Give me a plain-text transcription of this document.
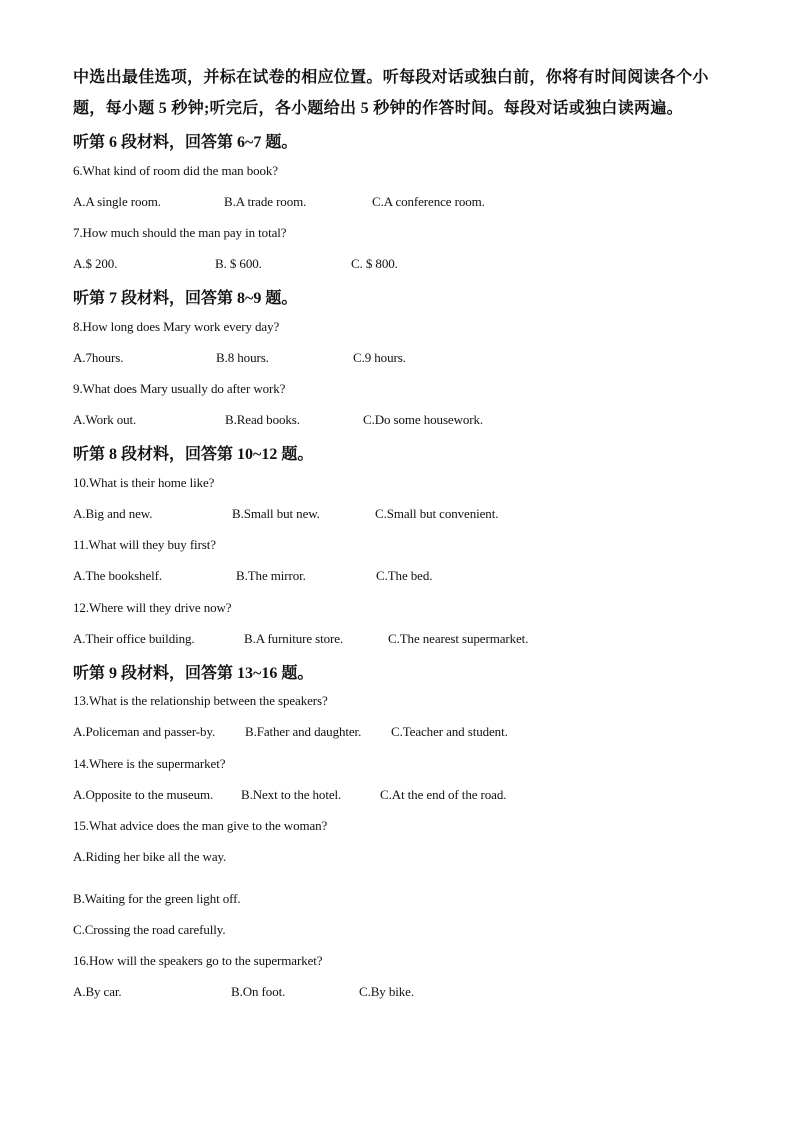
中选出最佳选项，并标在试卷的相应位置。听每段对话或独白前，你将有时间阅读各个小
题，每小题 5 秒钟;听完后，各小题给出 5 秒钟的作答时间。每段对话或独白读两遍。
听第 6 段材料，回答第 6~7 题。
6.What kind of room did the man book?
A.A single room.	B.A trade room.	C.A conference room.
7.How much should the man pay in total?
A.$ 200.	B. $ 600.	C. $ 800.
听第 7 段材料，回答第 8~9 题。
8.How long does Mary work every day?
A.7hours.	B.8 hours.	C.9 hours.
9.What does Mary usually do after work?
A.Work out.	B.Read books.	C.Do some housework.
听第 8 段材料，回答第 10~12 题。
10.What is their home like?
A.Big and new.	B.Small but new.	C.Small but convenient.
11.What will they buy first?
A.The bookshelf.	B.The mirror.	C.The bed.
12.Where will they drive now?
A.Their office building.	B.A furniture store.	C.The nearest supermarket.
听第 9 段材料，回答第 13~16 题。
13.What is the relationship between the speakers?
A.Policeman and passer-by. B.Father and daughter. C.Teacher and student.
14.Where is the supermarket?
A.Opposite to the museum. B.Next to the hotel.	C.At the end of the road.
15.What advice does the man give to the woman?
A.Riding her bike all the way.
B.Waiting for the green light off.
C.Crossing the road carefully.
16.How will the speakers go to the supermarket?
A.By car.	B.On foot.	C.By bike.
